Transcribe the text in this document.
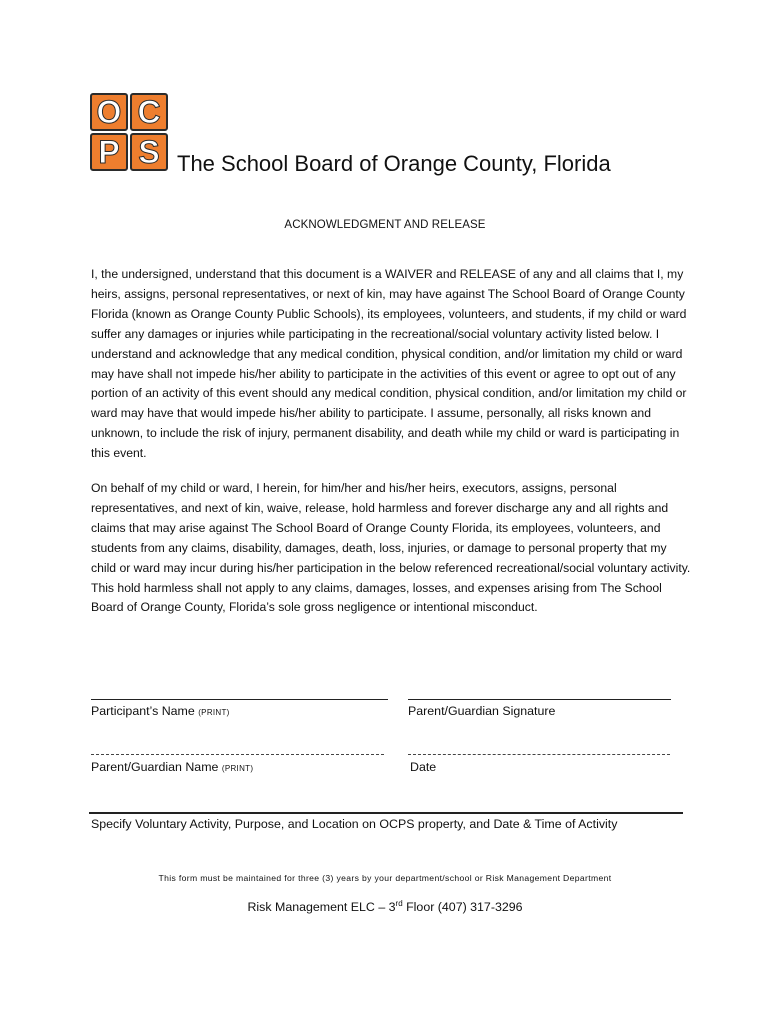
O C
P S The School Board of Orange County, Florida
ACKNOWLEDGMENT AND RELEASE

I, the undersigned, understand that this document is a WAIVER and RELEASE of any and all claims that I, my heirs, assigns, personal representatives, or next of kin, may have against The School Board of Orange County Florida (known as Orange County Public Schools), its employees, volunteers, and students, if my child or ward suffer any damages or injuries while participating in the recreational/social voluntary activity listed below. I understand and acknowledge that any medical condition, physical condition, and/or limitation my child or ward may have shall not impede his/her ability to participate in the activities of this event or agree to opt out of any portion of an activity of this event should any medical condition, physical condition, and/or limitation my child or ward may have that would impede his/her ability to participate. I assume, personally, all risks known and unknown, to include the risk of injury, permanent disability, and death while my child or ward is participating in this event.

On behalf of my child or ward, I herein, for him/her and his/her heirs, executors, assigns, personal representatives, and next of kin, waive, release, hold harmless and forever discharge any and all rights and claims that may arise against The School Board of Orange County Florida, its employees, volunteers, and students from any claims, disability, damages, death, loss, injuries, or damage to personal property that my child or ward may incur during his/her participation in the below referenced recreational/social voluntary activity. This hold harmless shall not apply to any claims, damages, losses, and expenses arising from The School Board of Orange County, Florida’s sole gross negligence or intentional misconduct.

Participant’s Name (PRINT)	Parent/Guardian Signature
Parent/Guardian Name (PRINT)	Date
Specify Voluntary Activity, Purpose, and Location on OCPS property, and Date & Time of Activity
This form must be maintained for three (3) years by your department/school or Risk Management Department
Risk Management ELC – 3rd Floor (407) 317-3296
